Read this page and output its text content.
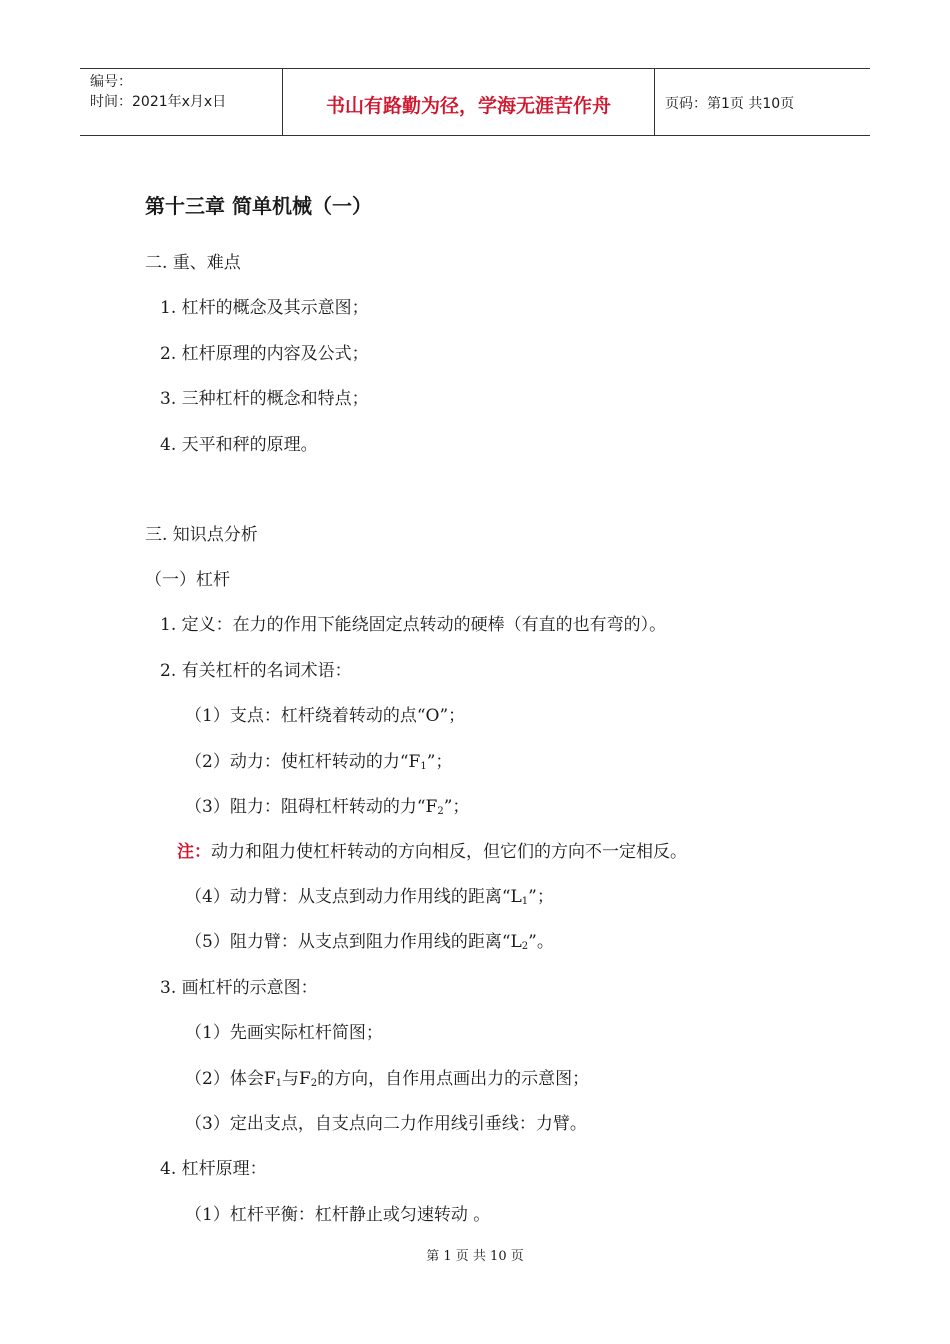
编号：
时间：2021年x月x日	书山有路勤为径，学海无涯苦作舟	页码：第1页 共10页
第十三章 简单机械（一）
二. 重、难点
1. 杠杆的概念及其示意图；
2. 杠杆原理的内容及公式；
3. 三种杠杆的概念和特点；
4. 天平和秤的原理。
三. 知识点分析
（一）杠杆
1. 定义：在力的作用下能绕固定点转动的硬棒（有直的也有弯的）。
2. 有关杠杆的名词术语：
（1）支点：杠杆绕着转动的点“O”；
（2）动力：使杠杆转动的力“$F_1$”；
（3）阻力：阻碍杠杆转动的力“$F_2$”；
注：动力和阻力使杠杆转动的方向相反，但它们的方向不一定相反。
（4）动力臂：从支点到动力作用线的距离“$L_1$”；
（5）阻力臂：从支点到阻力作用线的距离“$L_2$”。
3. 画杠杆的示意图：
（1）先画实际杠杆简图；
（2）体会$F_1$与$F_2$的方向，自作用点画出力的示意图；
（3）定出支点，自支点向二力作用线引垂线：力臂。
4. 杠杆原理：
（1）杠杆平衡：杠杆静止或匀速转动 。
第 1 页 共 10 页
